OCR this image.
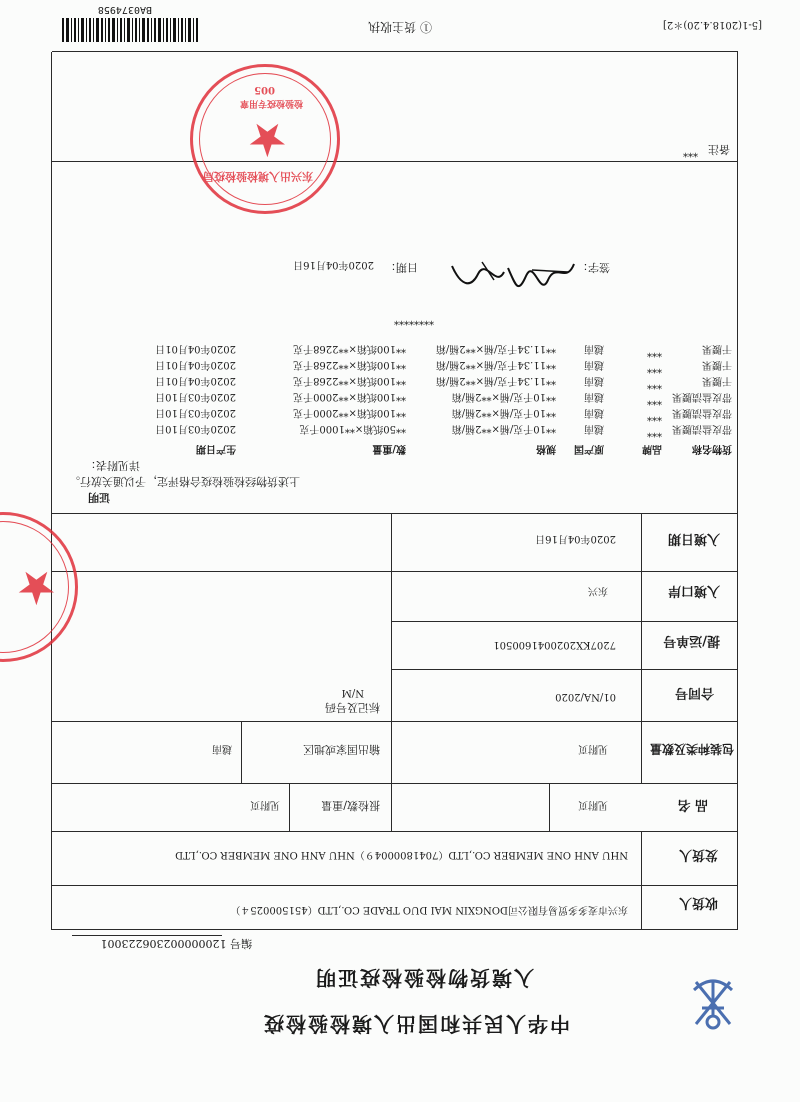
[5-1(2018.4.20)＊2]
① 货主收执
BA0374958
中华人民共和国出入境检验检疫
入境货物检验检疫证明
编号 120000002306223001
收货人
东兴市麦多多贸易有限公司DONGXIN MAI DUO TRADE CO.,LTD（451500025４）
发货人
NHU ANH ONE MEMBER CO.,LTD（7041800004９）NHU ANH ONE MEMBER CO.,LTD
品 名
见附页
报检数/重量
见附页
包装种类及数量
见附页
输出国家或地区
越南
合同号
01/NA/2020
标记及号码
N/M
提/运单号
7207KX2020041600501
入境口岸
东兴
入境日期
2020年04月16日
证明
上述货物经检验检疫合格评定，予以通关放行。
详见附表：
货物名称
品牌
原产国
规格
数/重量
生产日期
带皮盐渍腰果
***
越南
**10千克/桶×**2桶/箱
**50纸箱×**1000千克
2020年03月10日
带皮盐渍腰果
***
越南
**10千克/桶×**2桶/箱
**100纸箱×**2000千克
2020年03月10日
带皮盐渍腰果
***
越南
**10千克/桶×**2桶/箱
**100纸箱×**2000千克
2020年03月10日
干腰果
***
越南
**11.34千克/桶×**2桶/箱
**100纸箱×**2268千克
2020年04月01日
干腰果
***
越南
**11.34千克/桶×**2桶/箱
**100纸箱×**2268千克
2020年04月01日
干腰果
***
越南
**11.34千克/桶×**2桶/箱
**100纸箱×**2268千克
2020年04月01日
********
签字：
日期：
2020年04月16日
备注
***
★
东兴出入境检验检疫局
005
检验检疫专用章
★
